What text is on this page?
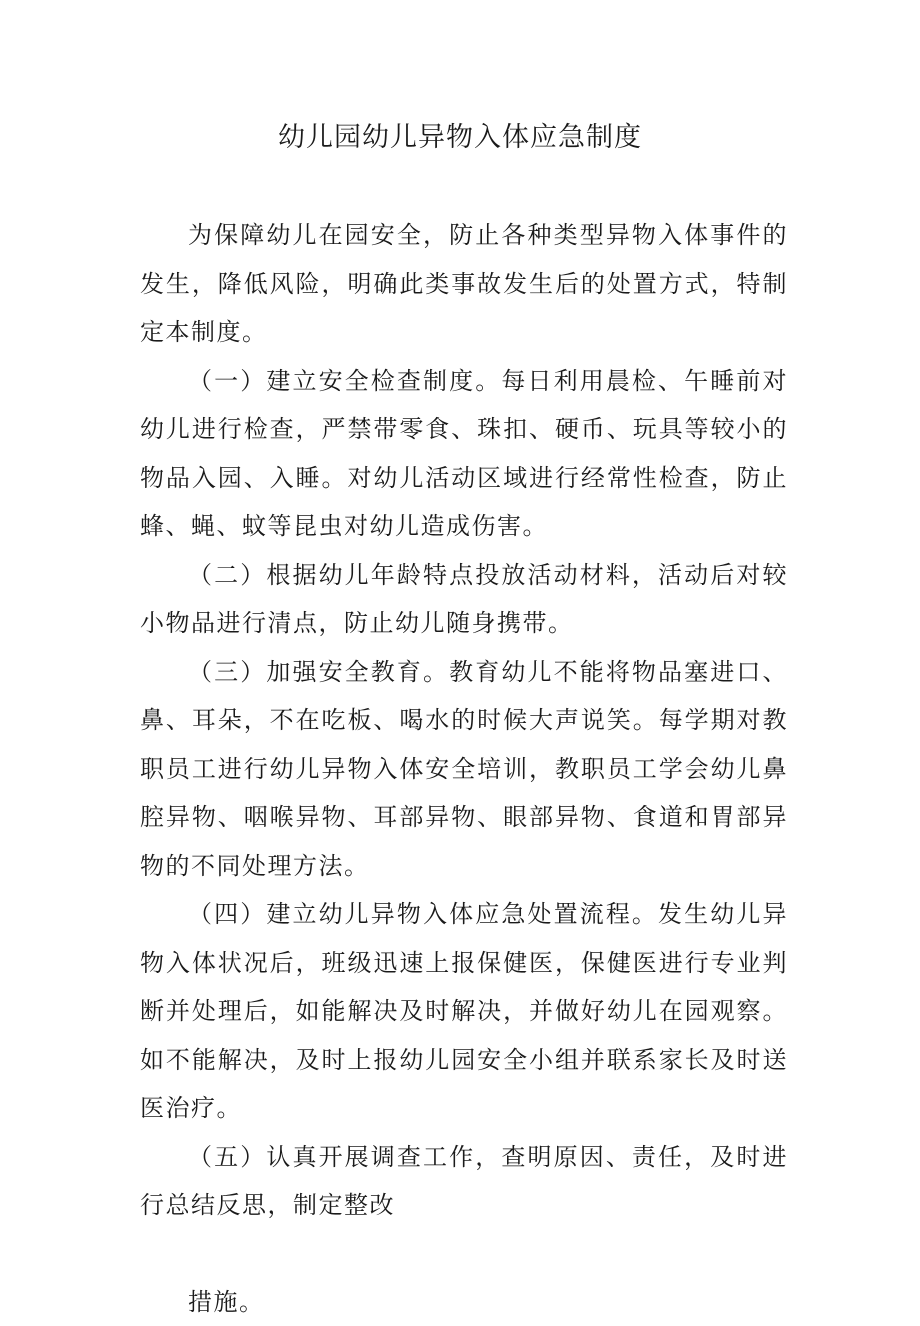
幼儿园幼儿异物入体应急制度

为保障幼儿在园安全，防止各种类型异物入体事件的发生，降低风险，明确此类事故发生后的处置方式，特制定本制度。

（一）建立安全检查制度。每日利用晨检、午睡前对幼儿进行检查，严禁带零食、珠扣、硬币、玩具等较小的物品入园、入睡。对幼儿活动区域进行经常性检查，防止蜂、蝇、蚊等昆虫对幼儿造成伤害。

（二）根据幼儿年龄特点投放活动材料，活动后对较小物品进行清点，防止幼儿随身携带。

（三）加强安全教育。教育幼儿不能将物品塞进口、鼻、耳朵，不在吃板、喝水的时候大声说笑。每学期对教职员工进行幼儿异物入体安全培训，教职员工学会幼儿鼻腔异物、咽喉异物、耳部异物、眼部异物、食道和胃部异物的不同处理方法。

（四）建立幼儿异物入体应急处置流程。发生幼儿异物入体状况后，班级迅速上报保健医，保健医进行专业判断并处理后，如能解决及时解决，并做好幼儿在园观察。如不能解决，及时上报幼儿园安全小组并联系家长及时送医治疗。

（五）认真开展调查工作，查明原因、责任，及时进行总结反思，制定整改

措施。
